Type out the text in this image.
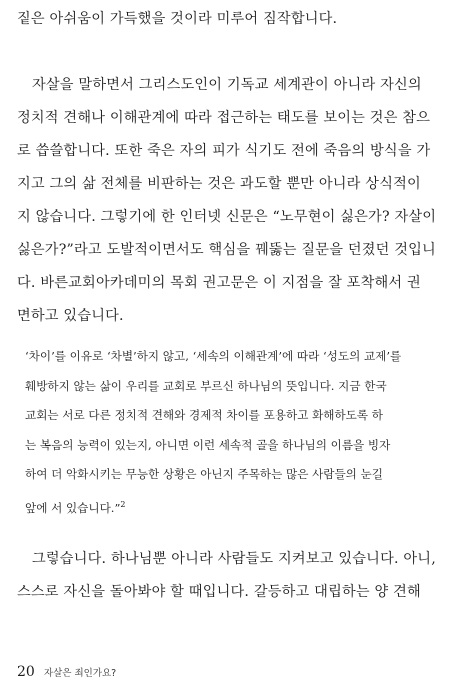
짙은 아쉬움이 가득했을 것이라 미루어 짐작합니다.
자살을 말하면서 그리스도인이 기독교 세계관이 아니라 자신의
정치적 견해나 이해관계에 따라 접근하는 태도를 보이는 것은 참으
로 씁쓸합니다. 또한 죽은 자의 피가 식기도 전에 죽음의 방식을 가
지고 그의 삶 전체를 비판하는 것은 과도할 뿐만 아니라 상식적이
지 않습니다. 그렇기에 한 인터넷 신문은 “노무현이 싫은가? 자살이
싫은가?”라고 도발적이면서도 핵심을 꿰뚫는 질문을 던졌던 것입니
다. 바른교회아카데미의 목회 권고문은 이 지점을 잘 포착해서 권
면하고 있습니다.
‘차이’를 이유로 ‘차별’하지 않고, ‘세속의 이해관계’에 따라 ‘성도의 교제’를
훼방하지 않는 삶이 우리를 교회로 부르신 하나님의 뜻입니다. 지금 한국
교회는 서로 다른 정치적 견해와 경제적 차이를 포용하고 화해하도록 하
는 복음의 능력이 있는지, 아니면 이런 세속적 골을 하나님의 이름을 빙자
하여 더 악화시키는 무능한 상황은 아닌지 주목하는 많은 사람들의 눈길
앞에 서 있습니다.”$^2$
그렇습니다. 하나님뿐 아니라 사람들도 지켜보고 있습니다. 아니,
스스로 자신을 돌아봐야 할 때입니다. 갈등하고 대립하는 양 견해
20 자살은 죄인가요?
